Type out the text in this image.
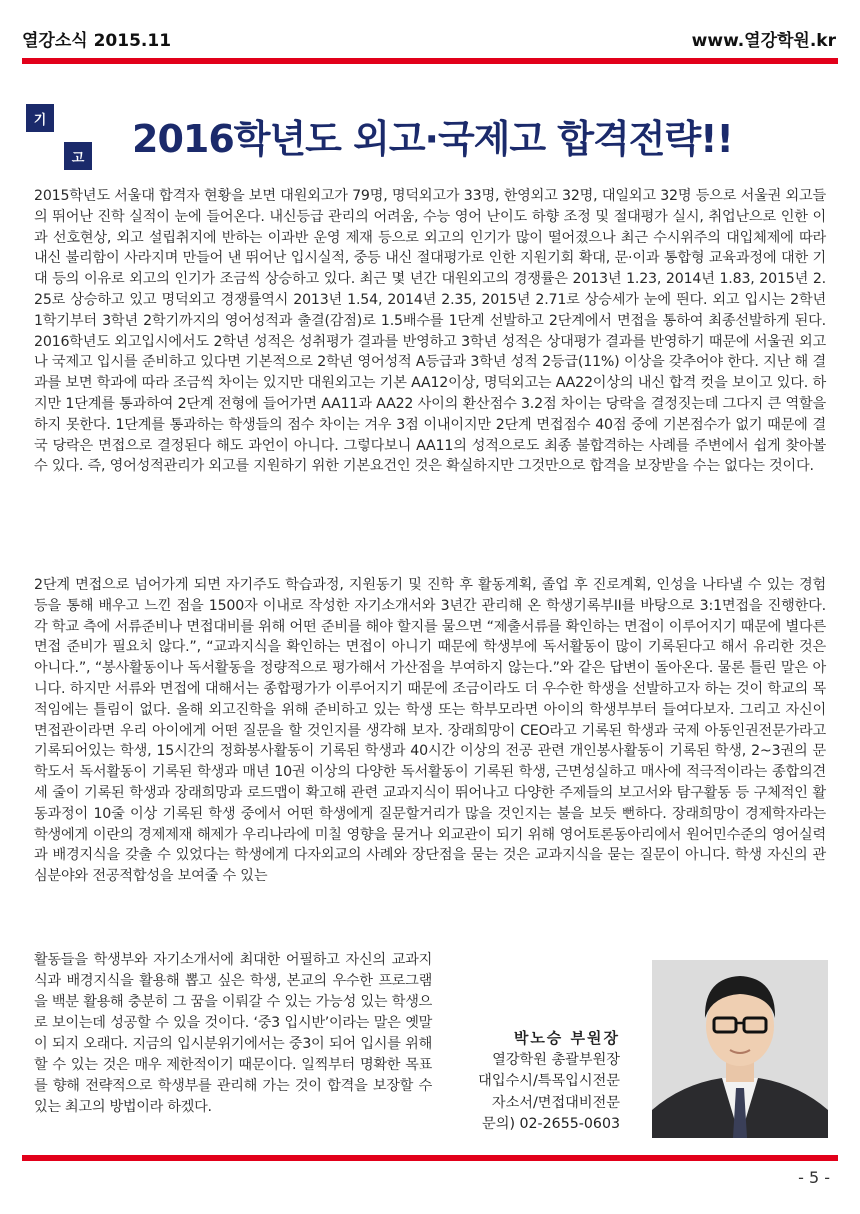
열강소식 2015.11	www.열강학원.kr
기
고 2016학년도 외고·국제고 합격전략!!

2015학년도 서울대 합격자 현황을 보면 대원외고가 79명, 명덕외고가 33명, 한영외고 32명, 대일외고 32명 등으로 서울권 외고들의 뛰어난 진학 실적이 눈에 들어온다. 내신등급 관리의 어려움, 수능 영어 난이도 하향 조정 및 절대평가 실시, 취업난으로 인한 이과 선호현상, 외고 설립취지에 반하는 이과반 운영 제재 등으로 외고의 인기가 많이 떨어졌으나 최근 수시위주의 대입체제에 따라 내신 불리함이 사라지며 만들어 낸 뛰어난 입시실적, 중등 내신 절대평가로 인한 지원기회 확대, 문·이과 통합형 교육과정에 대한 기대 등의 이유로 외고의 인기가 조금씩 상승하고 있다. 최근 몇 년간 대원외고의 경쟁률은 2013년 1.23, 2014년 1.83, 2015년 2.25로 상승하고 있고 명덕외고 경쟁률역시 2013년 1.54, 2014년 2.35, 2015년 2.71로 상승세가 눈에 띈다. 외고 입시는 2학년 1학기부터 3학년 2학기까지의 영어성적과 출결(감점)로 1.5배수를 1단계 선발하고 2단계에서 면접을 통하여 최종선발하게 된다. 2016학년도 외고입시에서도 2학년 성적은 성취평가 결과를 반영하고 3학년 성적은 상대평가 결과를 반영하기 때문에 서울권 외고나 국제고 입시를 준비하고 있다면 기본적으로 2학년 영어성적 A등급과 3학년 성적 2등급(11%) 이상을 갖추어야 한다. 지난 해 결과를 보면 학과에 따라 조금씩 차이는 있지만 대원외고는 기본 AA12이상, 명덕외고는 AA22이상의 내신 합격 컷을 보이고 있다. 하지만 1단계를 통과하여 2단계 전형에 들어가면 AA11과 AA22 사이의 환산점수 3.2점 차이는 당락을 결정짓는데 그다지 큰 역할을 하지 못한다. 1단계를 통과하는 학생들의 점수 차이는 겨우 3점 이내이지만 2단계 면접점수 40점 중에 기본점수가 없기 때문에 결국 당락은 면접으로 결정된다 해도 과언이 아니다. 그렇다보니 AA11의 성적으로도 최종 불합격하는 사례를 주변에서 쉽게 찾아볼 수 있다. 즉, 영어성적관리가 외고를 지원하기 위한 기본요건인 것은 확실하지만 그것만으로 합격을 보장받을 수는 없다는 것이다.

2단계 면접으로 넘어가게 되면 자기주도 학습과정, 지원동기 및 진학 후 활동계획, 졸업 후 진로계획, 인성을 나타낼 수 있는 경험 등을 통해 배우고 느낀 점을 1500자 이내로 작성한 자기소개서와 3년간 관리해 온 학생기록부II를 바탕으로 3:1면접을 진행한다. 각 학교 측에 서류준비나 면접대비를 위해 어떤 준비를 해야 할지를 물으면 “제출서류를 확인하는 면접이 이루어지기 때문에 별다른 면접 준비가 필요치 않다.”, “교과지식을 확인하는 면접이 아니기 때문에 학생부에 독서활동이 많이 기록된다고 해서 유리한 것은 아니다.”, “봉사활동이나 독서활동을 정량적으로 평가해서 가산점을 부여하지 않는다.”와 같은 답변이 돌아온다. 물론 틀린 말은 아니다. 하지만 서류와 면접에 대해서는 종합평가가 이루어지기 때문에 조금이라도 더 우수한 학생을 선발하고자 하는 것이 학교의 목적임에는 틀림이 없다. 올해 외고진학을 위해 준비하고 있는 학생 또는 학부모라면 아이의 학생부부터 들여다보자. 그리고 자신이 면접관이라면 우리 아이에게 어떤 질문을 할 것인지를 생각해 보자. 장래희망이 CEO라고 기록된 학생과 국제 아동인권전문가라고 기록되어있는 학생, 15시간의 정화봉사활동이 기록된 학생과 40시간 이상의 전공 관련 개인봉사활동이 기록된 학생, 2~3권의 문학도서 독서활동이 기록된 학생과 매년 10권 이상의 다양한 독서활동이 기록된 학생, 근면성실하고 매사에 적극적이라는 종합의견 세 줄이 기록된 학생과 장래희망과 로드맵이 확고해 관련 교과지식이 뛰어나고 다양한 주제들의 보고서와 탐구활동 등 구체적인 활동과정이 10줄 이상 기록된 학생 중에서 어떤 학생에게 질문할거리가 많을 것인지는 불을 보듯 뻔하다. 장래희망이 경제학자라는 학생에게 이란의 경제제재 해제가 우리나라에 미칠 영향을 묻거나 외교관이 되기 위해 영어토론동아리에서 원어민수준의 영어실력과 배경지식을 갖출 수 있었다는 학생에게 다자외교의 사례와 장단점을 묻는 것은 교과지식을 묻는 질문이 아니다. 학생 자신의 관심분야와 전공적합성을 보여줄 수 있는

활동들을 학생부와 자기소개서에 최대한 어필하고 자신의 교과지식과 배경지식을 활용해 뽑고 싶은 학생, 본교의 우수한 프로그램을 백분 활용해 충분히 그 꿈을 이뤄갈 수 있는 가능성 있는 학생으로 보이는데 성공할 수 있을 것이다. ‘중3 입시반’이라는 말은 옛말이 되지 오래다. 지금의 입시분위기에서는 중3이 되어 입시를 위해 할 수 있는 것은 매우 제한적이기 때문이다. 일찍부터 명확한 목표를 향해 전략적으로 학생부를 관리해 가는 것이 합격을 보장할 수 있는 최고의 방법이라 하겠다.

박노승 부원장
열강학원 총괄부원장
대입수시/특목입시전문
자소서/면접대비전문
문의) 02-2655-0603
- 5 -
